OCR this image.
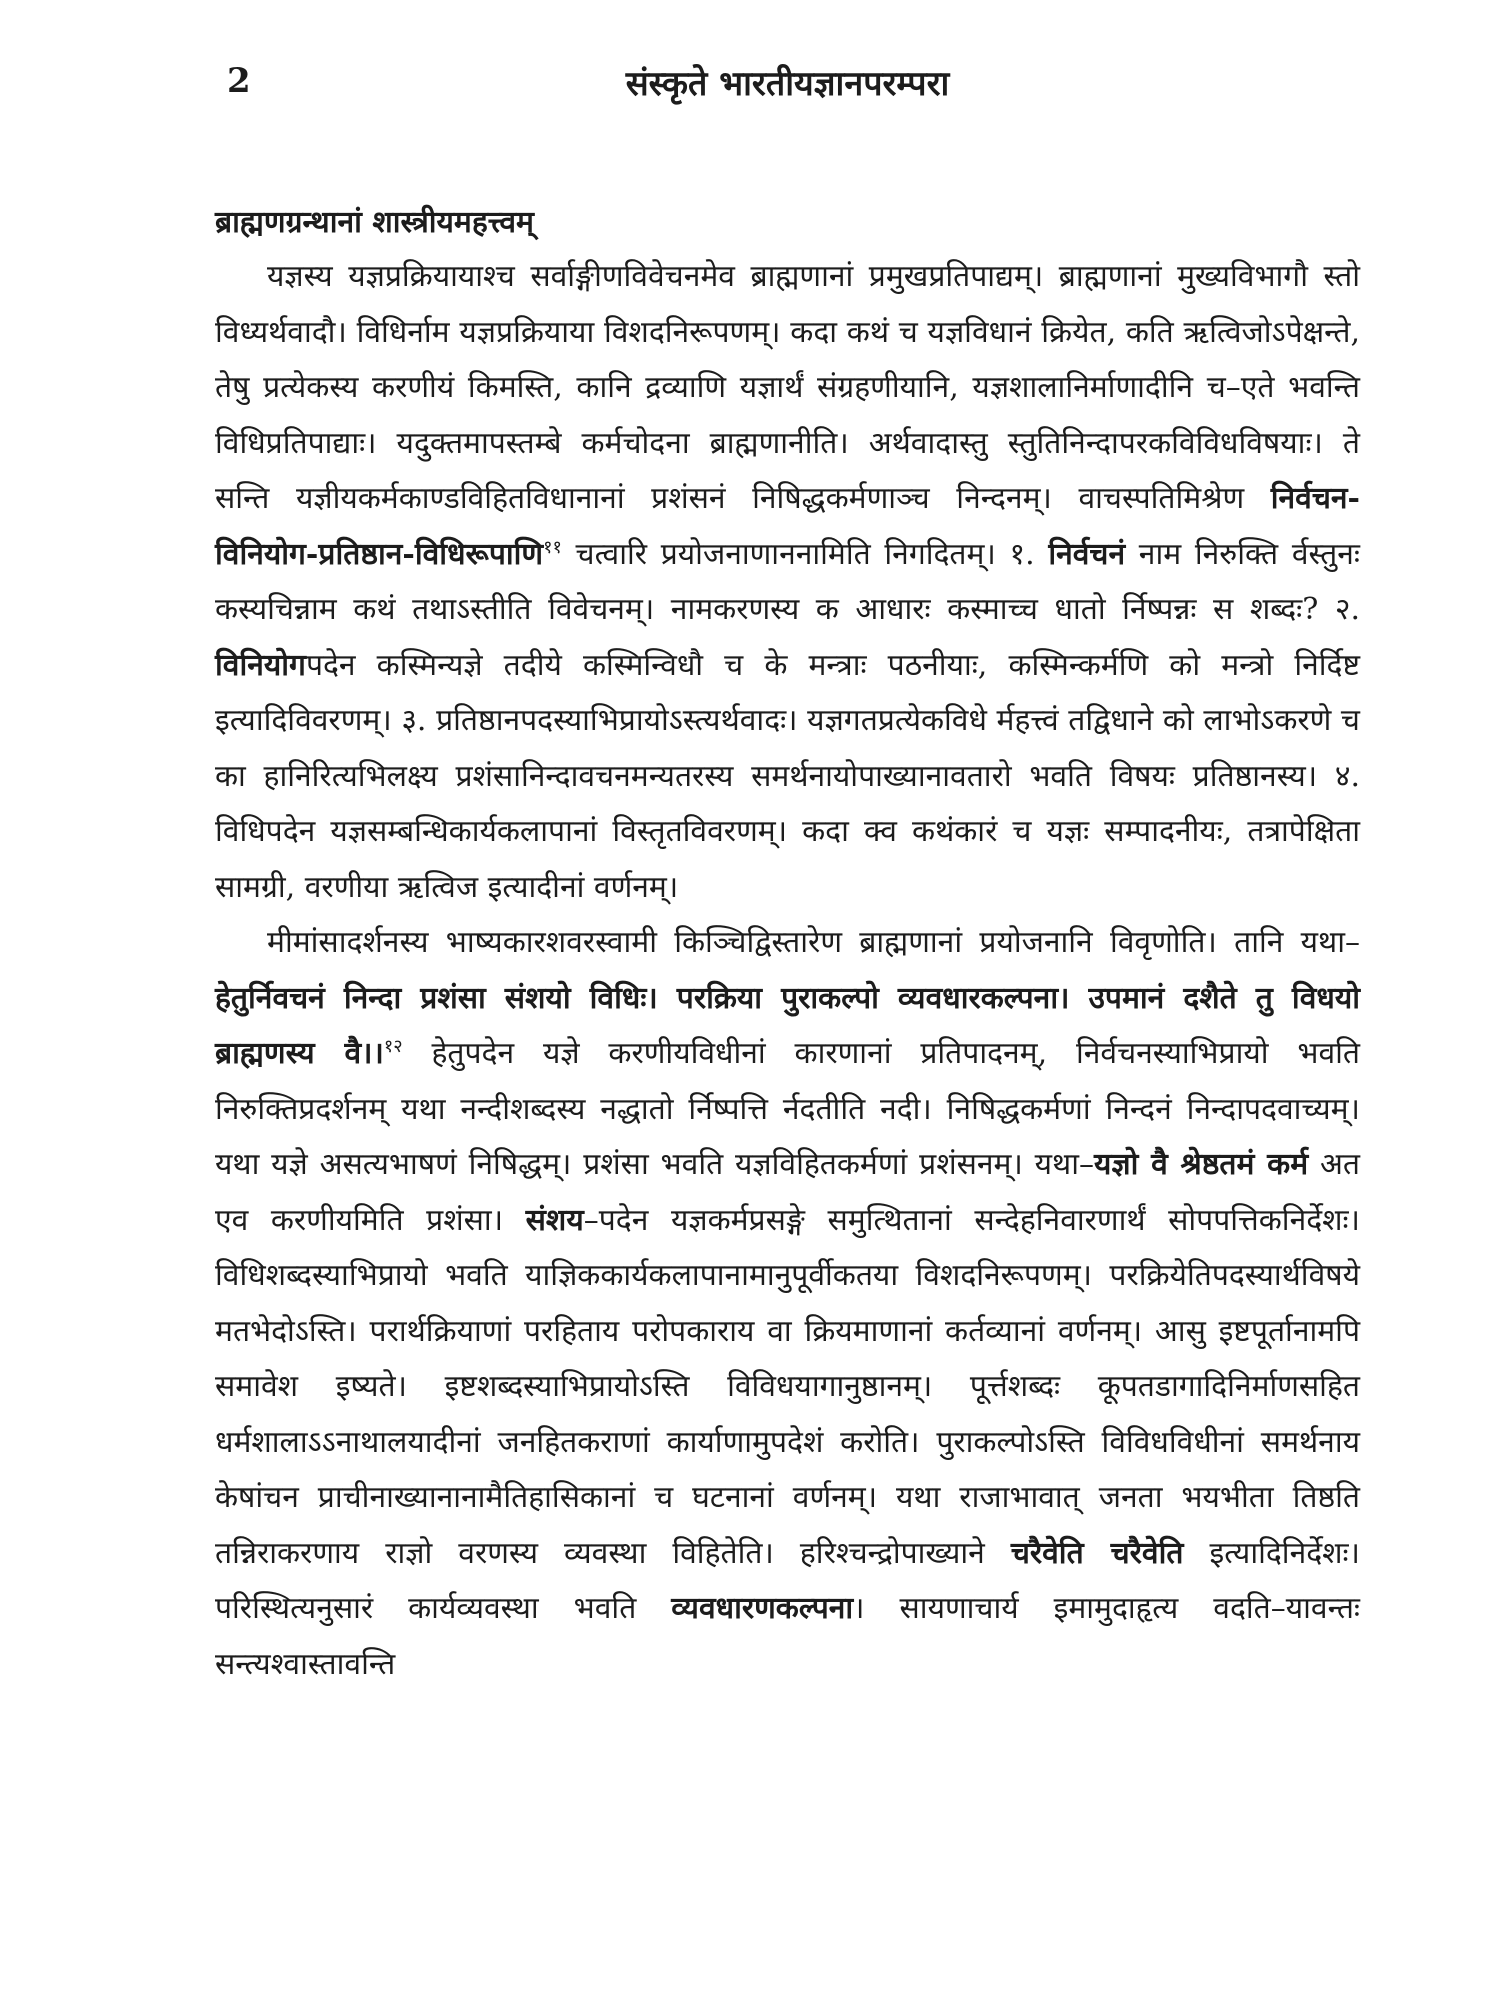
2	संस्कृते भारतीयज्ञानपरम्परा
ब्राह्मणग्रन्थानां शास्त्रीयमहत्त्वम्

यज्ञस्य यज्ञप्रक्रियायाश्च सर्वाङ्गीणविवेचनमेव ब्राह्मणानां प्रमुखप्रतिपाद्यम्। ब्राह्मणानां मुख्यविभागौ स्तो विध्यर्थवादौ। विधिर्नाम यज्ञप्रक्रियाया विशदनिरूपणम्। कदा कथं च यज्ञविधानं क्रियेत, कति ऋत्विजोऽपेक्षन्ते, तेषु प्रत्येकस्य करणीयं किमस्ति, कानि द्रव्याणि यज्ञार्थं संग्रहणीयानि, यज्ञशालानिर्माणादीनि च–एते भवन्ति विधिप्रतिपाद्याः। यदुक्तमापस्तम्बे कर्मचोदना ब्राह्मणानीति। अर्थवादास्तु स्तुतिनिन्दापरकविविधविषयाः। ते सन्ति यज्ञीयकर्मकाण्डविहितविधानानां प्रशंसनं निषिद्धकर्मणाञ्च निन्दनम्। वाचस्पतिमिश्रेण निर्वचन-विनियोग-प्रतिष्ठान-विधिरूपाणि$^{११}$ चत्वारि प्रयोजनाणाननामिति निगदितम्। १. निर्वचनं नाम निरुक्ति र्वस्तुनः कस्यचिन्नाम कथं तथाऽस्तीति विवेचनम्। नामकरणस्य क आधारः कस्माच्च धातो र्निष्पन्नः स शब्दः? २. विनियोगपदेन कस्मिन्यज्ञे तदीये कस्मिन्विधौ च के मन्त्राः पठनीयाः, कस्मिन्कर्मणि को मन्त्रो निर्दिष्ट इत्यादिविवरणम्। ३. प्रतिष्ठानपदस्याभिप्रायोऽस्त्यर्थवादः। यज्ञगतप्रत्येकविधे र्महत्त्वं तद्विधाने को लाभोऽकरणे च का हानिरित्यभिलक्ष्य प्रशंसानिन्दावचनमन्यतरस्य समर्थनायोपाख्यानावतारो भवति विषयः प्रतिष्ठानस्य। ४. विधिपदेन यज्ञसम्बन्धिकार्यकलापानां विस्तृतविवरणम्। कदा क्व कथंकारं च यज्ञः सम्पादनीयः, तत्रापेक्षिता सामग्री, वरणीया ऋत्विज इत्यादीनां वर्णनम्।

मीमांसादर्शनस्य भाष्यकारशवरस्वामी किञ्चिद्विस्तारेण ब्राह्मणानां प्रयोजनानि विवृणोति। तानि यथा–हेतुर्निवचनं निन्दा प्रशंसा संशयो विधिः। परक्रिया पुराकल्पो व्यवधारकल्पना। उपमानं दशैते तु विधयो ब्राह्मणस्य वै।।$^{१२}$ हेतुपदेन यज्ञे करणीयविधीनां कारणानां प्रतिपादनम्, निर्वचनस्याभिप्रायो भवति निरुक्तिप्रदर्शनम् यथा नन्दीशब्दस्य नद्धातो र्निष्पत्ति र्नदतीति नदी। निषिद्धकर्मणां निन्दनं निन्दापदवाच्यम्। यथा यज्ञे असत्यभाषणं निषिद्धम्। प्रशंसा भवति यज्ञविहितकर्मणां प्रशंसनम्। यथा–यज्ञो वै श्रेष्ठतमं कर्म अत एव करणीयमिति प्रशंसा। संशय–पदेन यज्ञकर्मप्रसङ्गे समुत्थितानां सन्देहनिवारणार्थं सोपपत्तिकनिर्देशः। विधिशब्दस्याभिप्रायो भवति याज्ञिककार्यकलापानामानुपूर्वीकतया विशदनिरूपणम्। परक्रियेतिपदस्यार्थविषये मतभेदोऽस्ति। परार्थक्रियाणां परहिताय परोपकाराय वा क्रियमाणानां कर्तव्यानां वर्णनम्। आसु इष्टपूर्तानामपि समावेश इष्यते। इष्टशब्दस्याभिप्रायोऽस्ति विविधयागानुष्ठानम्। पूर्त्तशब्दः कूपतडागादिनिर्माणसहित धर्मशालाऽऽनाथालयादीनां जनहितकराणां कार्याणामुपदेशं करोति। पुराकल्पोऽस्ति विविधविधीनां समर्थनाय केषांचन प्राचीनाख्यानानामैतिहासिकानां च घटनानां वर्णनम्। यथा राजाभावात् जनता भयभीता तिष्ठति तन्निराकरणाय राज्ञो वरणस्य व्यवस्था विहितेति। हरिश्चन्द्रोपाख्याने चरैवेति चरैवेति इत्यादिनिर्देशः। परिस्थित्यनुसारं कार्यव्यवस्था भवति व्यवधारणकल्पना। सायणाचार्य इमामुदाहृत्य वदति–यावन्तः सन्त्यश्वास्तावन्ति
